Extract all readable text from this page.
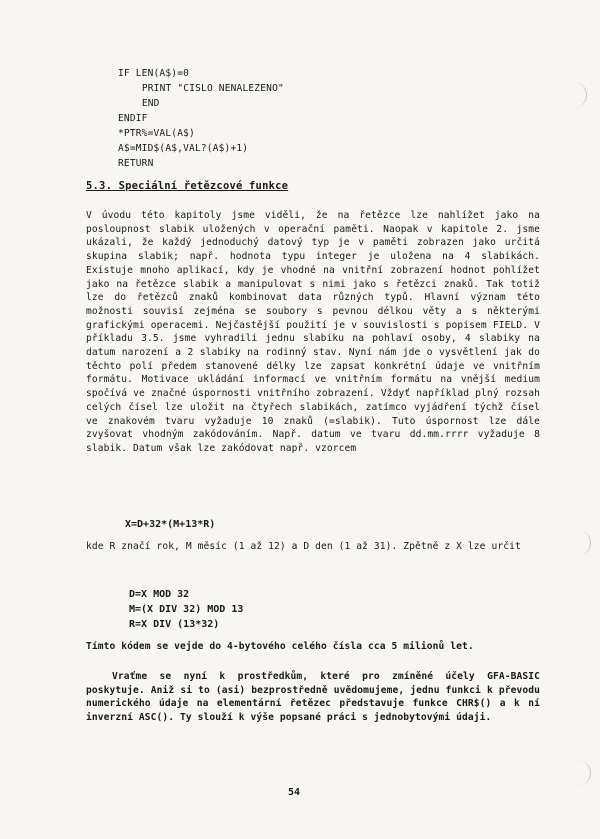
IF LEN(A$)=0
PRINT "CISLO NENALEZENO"
END
ENDIF
*PTR%=VAL(A$)
A$=MID$(A$,VAL?(A$)+1)
RETURN
5.3. Speciální řetězcové funkce
V úvodu této kapitoly jsme viděli, že na řetězce lze nahlížet jako na posloupnost slabik uložených v operační paměti. Naopak v kapitole 2. jsme ukázali, že každý jednoduchý datový typ je v paměti zobrazen jako určitá skupina slabik; např. hodnota typu integer je uložena na 4 slabikách. Existuje mnoho aplikací, kdy je vhodné na vnitřní zobrazení hodnot pohlížet jako na řetězce slabik a manipulovat s nimi jako s řetězci znaků. Tak totiž lze do řetězců znaků kombinovat data různých typů. Hlavní význam této možnosti souvisí zejména se soubory s pevnou délkou věty a s některými grafickými operacemi. Nejčastější použití je v souvislosti s popisem FIELD. V příkladu 3.5. jsme vyhradili jednu slabiku na pohlaví osoby, 4 slabiky na datum narození a 2 slabiky na rodinný stav. Nyní nám jde o vysvětlení jak do těchto polí předem stanovené délky lze zapsat konkrétní údaje ve vnitřním formátu. Motivace ukládání informací ve vnitřním formátu na vnější medium spočívá ve značné úspornosti vnitřního zobrazení. Vždyť například plný rozsah celých čísel lze uložit na čtyřech slabikách, zatímco vyjádření týchž čísel ve znakovém tvaru vyžaduje 10 znaků (=slabik). Tuto úspornost lze dále zvyšovat vhodným zakódováním. Např. datum ve tvaru dd.mm.rrrr vyžaduje 8 slabik. Datum však lze zakódovat např. vzorcem
X=D+32*(M+13*R)
kde R značí rok, M měsíc (1 až 12) a D den (1 až 31). Zpětně z X lze určit
D=X MOD 32
M=(X DIV 32) MOD 13
R=X DIV (13*32)
Tímto kódem se vejde do 4-bytového celého čísla cca 5 milionů let.
Vraťme se nyní k prostředkům, které pro zmíněné účely GFA-BASIC poskytuje. Aniž si to (asi) bezprostředně uvědomujeme, jednu funkci k převodu numerického údaje na elementární řetězec představuje funkce CHR$() a k ní inverzní ASC(). Ty slouží k výše popsané práci s jednobytovými údaji.
54
